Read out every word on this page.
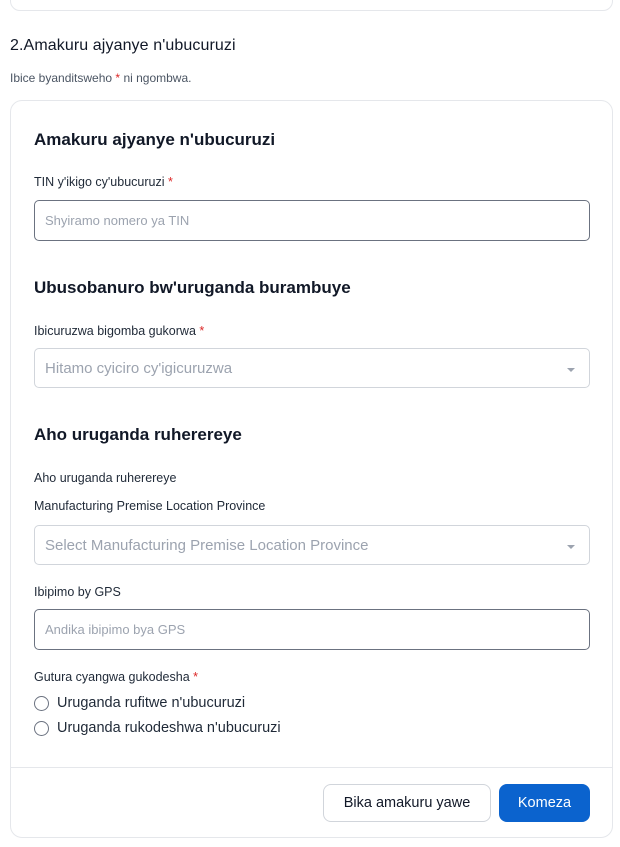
2.Amakuru ajyanye n'ubucuruzi
Ibice byanditsweho * ni ngombwa.
Amakuru ajyanye n'ubucuruzi
TIN y'ikigo cy'ubucuruzi *
Shyiramo nomero ya TIN
Ubusobanuro bw'uruganda burambuye
Ibicuruzwa bigomba gukorwa *
Hitamo cyiciro cy'igicuruzwa
Aho uruganda ruherereye
Aho uruganda ruherereye
Manufacturing Premise Location Province
Select Manufacturing Premise Location Province
Ibipimo by GPS
Andika ibipimo bya GPS
Gutura cyangwa gukodesha *
Uruganda rufitwe n'ubucuruzi
Uruganda rukodeshwa n'ubucuruzi
Bika amakuru yawe	Komeza
